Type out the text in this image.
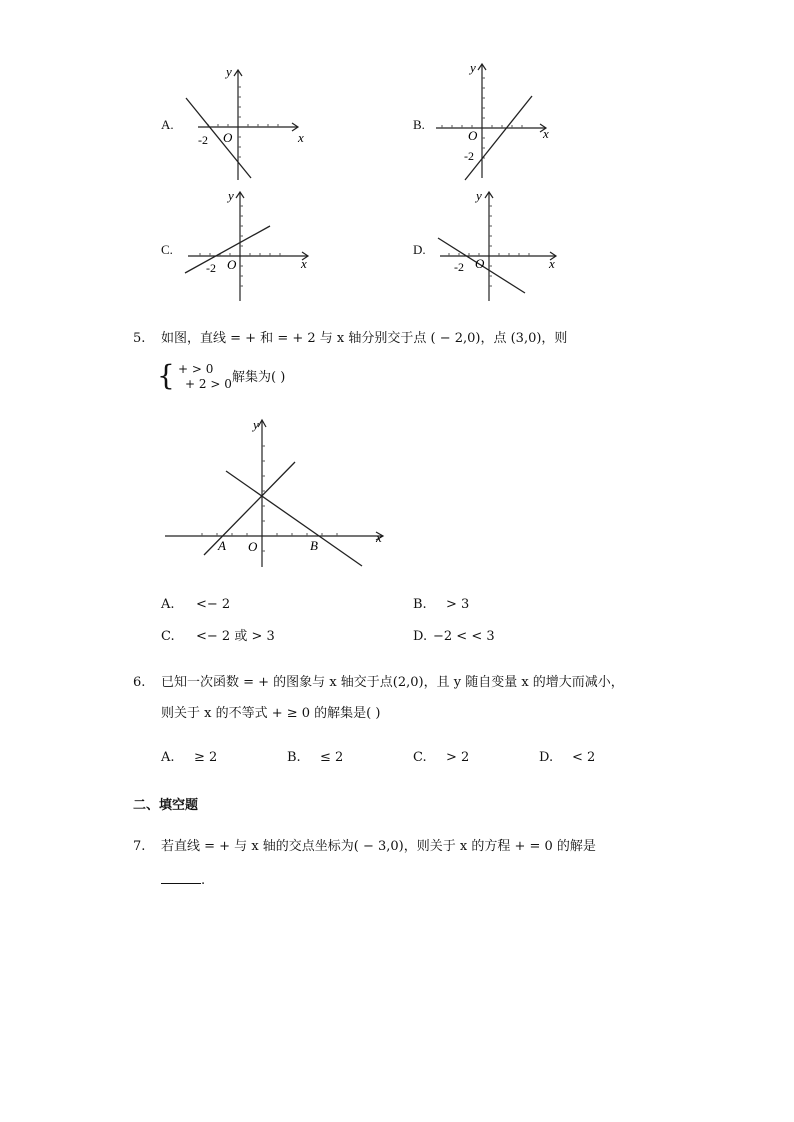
A.
-2 O	x
y
B.
O
-2
x
y
C.
-2 O	x
y
D.
-2 O	x
y
5. 如图，直线 = + 和 = + 2 与 x 轴分别交于点 ( − 2,0)，点 (3,0)，则
{ + > 0
+ 2 > 0 解集为( )
A O	B
x
y
A. <− 2	B. > 3
C. <− 2 或 > 3	D. −2 < < 3
6. 已知一次函数 = + 的图象与 x 轴交于点(2,0)，且 y 随自变量 x 的增大而减小，
则关于 x 的不等式 + ≥ 0 的解集是( )
A. ≥ 2	B. ≤ 2	C. > 2	D. < 2
二、填空题
7. 若直线 = + 与 x 轴的交点坐标为( − 3,0)，则关于 x 的方程 + = 0 的解是
.
